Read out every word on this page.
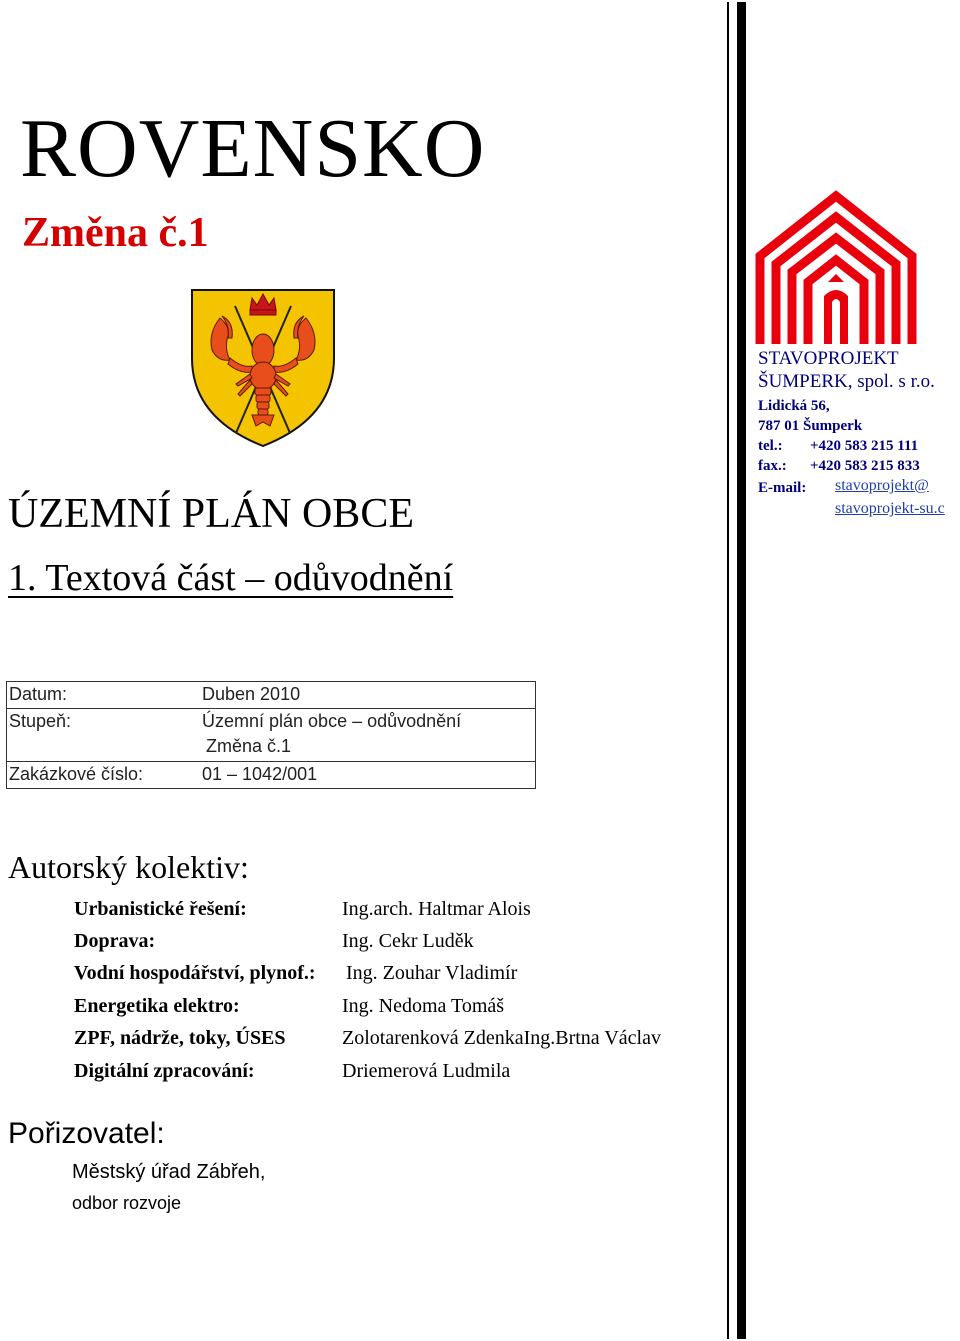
ROVENSKO
Změna č.1
ÚZEMNÍ PLÁN OBCE
1. Textová část – odůvodnění
STAVOPROJEKT
ŠUMPERK, spol. s r.o.
Lidická 56,
787 01 Šumperk
tel.: +420 583 215 111
fax.: +420 583 215 833
E-mail: stavoprojekt@
stavoprojekt-su.c
Datum:	Duben 2010

Stupeň:	Územní plán obce – odůvodnění
Změna č.1

Zakázkové číslo:	01 – 1042/001
Autorský kolektiv:
Urbanistické řešení:	Ing.arch. Haltmar Alois
Doprava:	Ing. Cekr Luděk
Vodní hospodářství, plynof.: Ing. Zouhar Vladimír
Energetika elektro:	Ing. Nedoma Tomáš
ZPF, nádrže, toky, ÚSES	Zolotarenková ZdenkaIng.Brtna Václav
Digitální zpracování:	Driemerová Ludmila
Pořizovatel:
Městský úřad Zábřeh,
odbor rozvoje
